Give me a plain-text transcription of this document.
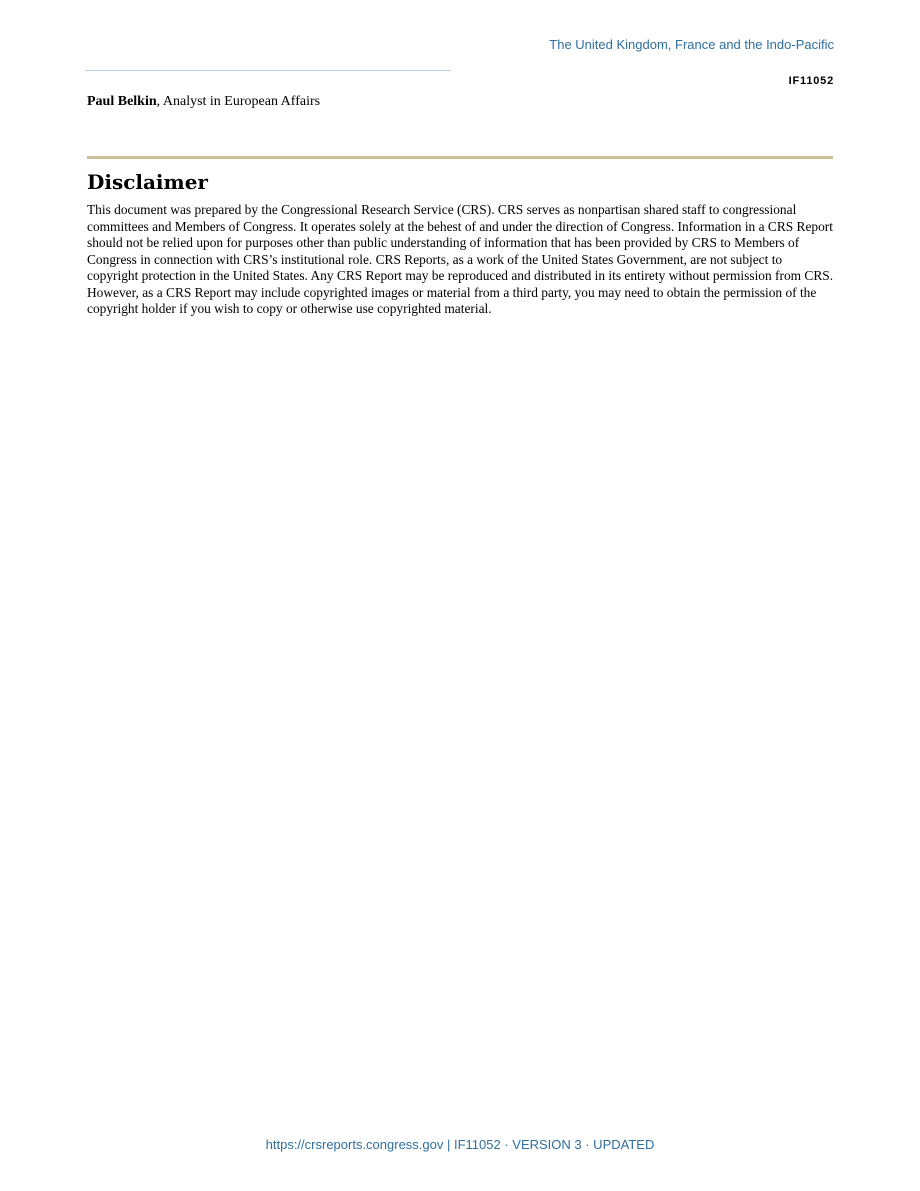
The United Kingdom, France and the Indo-Pacific
IF11052
Paul Belkin, Analyst in European Affairs
Disclaimer

This document was prepared by the Congressional Research Service (CRS). CRS serves as nonpartisan shared staff to congressional committees and Members of Congress. It operates solely at the behest of and under the direction of Congress. Information in a CRS Report should not be relied upon for purposes other than public understanding of information that has been provided by CRS to Members of Congress in connection with CRS’s institutional role. CRS Reports, as a work of the United States Government, are not subject to copyright protection in the United States. Any CRS Report may be reproduced and distributed in its entirety without permission from CRS. However, as a CRS Report may include copyrighted images or material from a third party, you may need to obtain the permission of the copyright holder if you wish to copy or otherwise use copyrighted material.

https://crsreports.congress.gov | IF11052 · VERSION 3 · UPDATED
